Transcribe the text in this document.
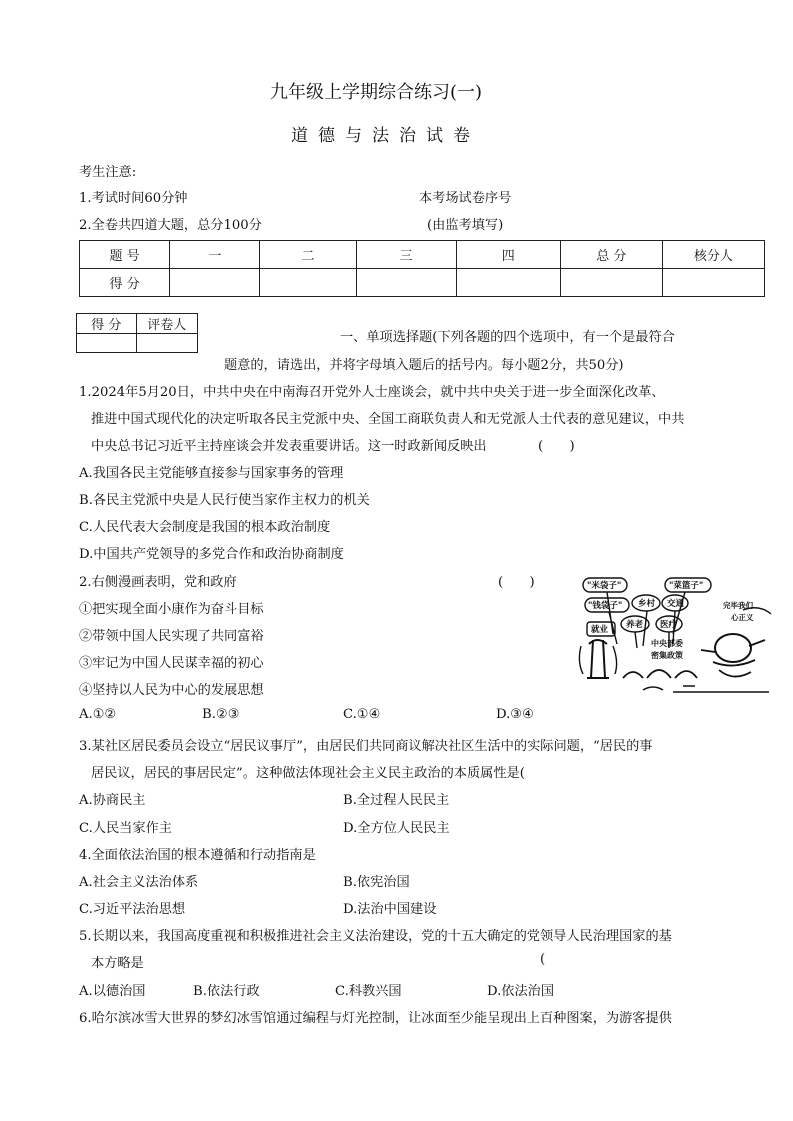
九年级上学期综合练习(一)
道德与法治试卷
考生注意:
1.考试时间60分钟
2.全卷共四道大题，总分100分
本考场试卷序号
(由监考填写)
题 号	一	二	三	四	总 分	核分人
得 分						
得 分	评卷人

一、单项选择题(下列各题的四个选项中，有一个是最符合
题意的，请选出，并将字母填入题后的括号内。每小题2分，共50分)
1.2024年5月20日，中共中央在中南海召开党外人士座谈会，就中共中央关于进一步全面深化改革、
推进中国式现代化的决定听取各民主党派中央、全国工商联负责人和无党派人士代表的意见建议，中共
中央总书记习近平主持座谈会并发表重要讲话。这一时政新闻反映出	(　　)
A.我国各民主党能够直接参与国家事务的管理
B.各民主党派中央是人民行使当家作主权力的机关
C.人民代表大会制度是我国的根本政治制度
D.中国共产党领导的多党合作和政治协商制度
2.右侧漫画表明，党和政府	(　　)
①把实现全面小康作为奋斗目标
②带领中国人民实现了共同富裕
③牢记为中国人民谋幸福的初心
④坚持以人民为中心的发展思想
A.①②	B.②③	C.①④	D.③④
"米袋子"	"菜篮子"
"钱袋子" 乡村 交通
就业 养老 医疗
完毕我们
心正义
中央部委
密集政策
3.某社区居民委员会设立“居民议事厅”，由居民们共同商议解决社区生活中的实际问题，“居民的事
居民议，居民的事居民定”。这种做法体现社会主义民主政治的本质属性是(
A.协商民主	B.全过程人民民主
C.人民当家作主	D.全方位人民民主
4.全面依法治国的根本遵循和行动指南是
A.社会主义法治体系	B.依宪治国
C.习近平法治思想	D.法治中国建设
5.长期以来，我国高度重视和积极推进社会主义法治建设，党的十五大确定的党领导人民治理国家的基
本方略是	(
A.以德治国	B.依法行政	C.科教兴国	D.依法治国
6.哈尔滨冰雪大世界的梦幻冰雪馆通过编程与灯光控制，让冰面至少能呈现出上百种图案，为游客提供
